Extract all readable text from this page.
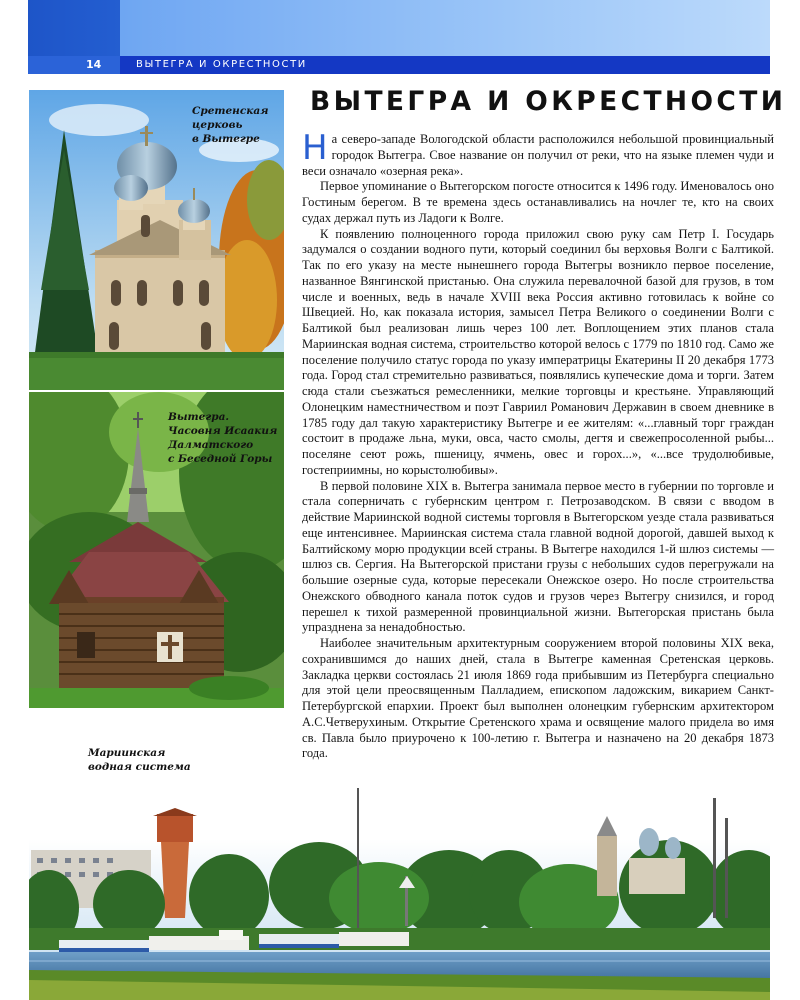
14	ВЫТЕГРА И ОКРЕСТНОСТИ
Сретенская
церковь
в Вытегре
Вытегра.
Часовня Исаакия
Далматского
с Беседной Горы
Мариинская
водная система
ВЫТЕГРА И ОКРЕСТНОСТИ

На северо-западе Вологодской области расположился небольшой провинциальный городок Вытегра. Свое название он получил от реки, что на языке племен чуди и веси означало «озерная река».

Первое упоминание о Вытегорском погосте относится к 1496 году. Именовалось оно Гостиным берегом. В те времена здесь останавливались на ночлег те, кто на своих судах держал путь из Ладоги к Волге.

К появлению полноценного города приложил свою руку сам Петр I. Государь задумался о создании водного пути, который соединил бы верховья Волги с Балтикой. Так по его указу на месте нынешнего города Вытегры возникло первое поселение, названное Вянгинской пристанью. Она служила перевалочной базой для грузов, в том числе и военных, ведь в начале XVIII века Россия активно готовилась к войне со Швецией. Но, как показала история, замысел Петра Великого о соединении Волги с Балтикой был реализован лишь через 100 лет. Воплощением этих планов стала Мариинская водная система, строительство которой велось с 1779 по 1810 год. Само же поселение получило статус города по указу императрицы Екатерины II 20 декабря 1773 года. Город стал стремительно развиваться, появлялись купеческие дома и торги. Затем сюда стали съезжаться ремесленники, мелкие торговцы и крестьяне. Управляющий Олонецким наместничеством и поэт Гавриил Романович Державин в своем дневнике в 1785 году дал такую характеристику Вытегре и ее жителям: «...главный торг граждан состоит в продаже льна, муки, овса, часто смолы, дегтя и свежепросоленной рыбы... поселяне сеют рожь, пшеницу, ячмень, овес и горох...», «...все трудолюбивые, гостеприимны, но корыстолюбивы».

В первой половине XIX в. Вытегра занимала первое место в губернии по торговле и стала соперничать с губернским центром г. Петрозаводском. В связи с вводом в действие Мариинской водной системы торговля в Вытегорском уезде стала развиваться еще интенсивнее. Мариинская система стала главной водной дорогой, давшей выход к Балтийскому морю продукции всей страны. В Вытегре находился 1-й шлюз системы — шлюз св. Сергия. На Вытегорской пристани грузы с небольших судов перегружали на большие озерные суда, которые пересекали Онежское озеро. Но после строительства Онежского обводного канала поток судов и грузов через Вытегру снизился, и город перешел к тихой размеренной провинциальной жизни. Вытегорская пристань была упразднена за ненадобностью.

Наиболее значительным архитектурным сооружением второй половины XIX века, сохранившимся до наших дней, стала в Вытегре каменная Сретенская церковь. Закладка церкви состоялась 21 июля 1869 года прибывшим из Петербурга специально для этой цели преосвященным Палладием, епископом ладожским, викарием Санкт-Петербургской епархии. Проект был выполнен олонецким губернским архитектором А.С.Четверухиным. Открытие Сретенского храма и освящение малого придела во имя св. Павла было приурочено к 100-летию г. Вытегра и назначено на 20 декабря 1873 года.
